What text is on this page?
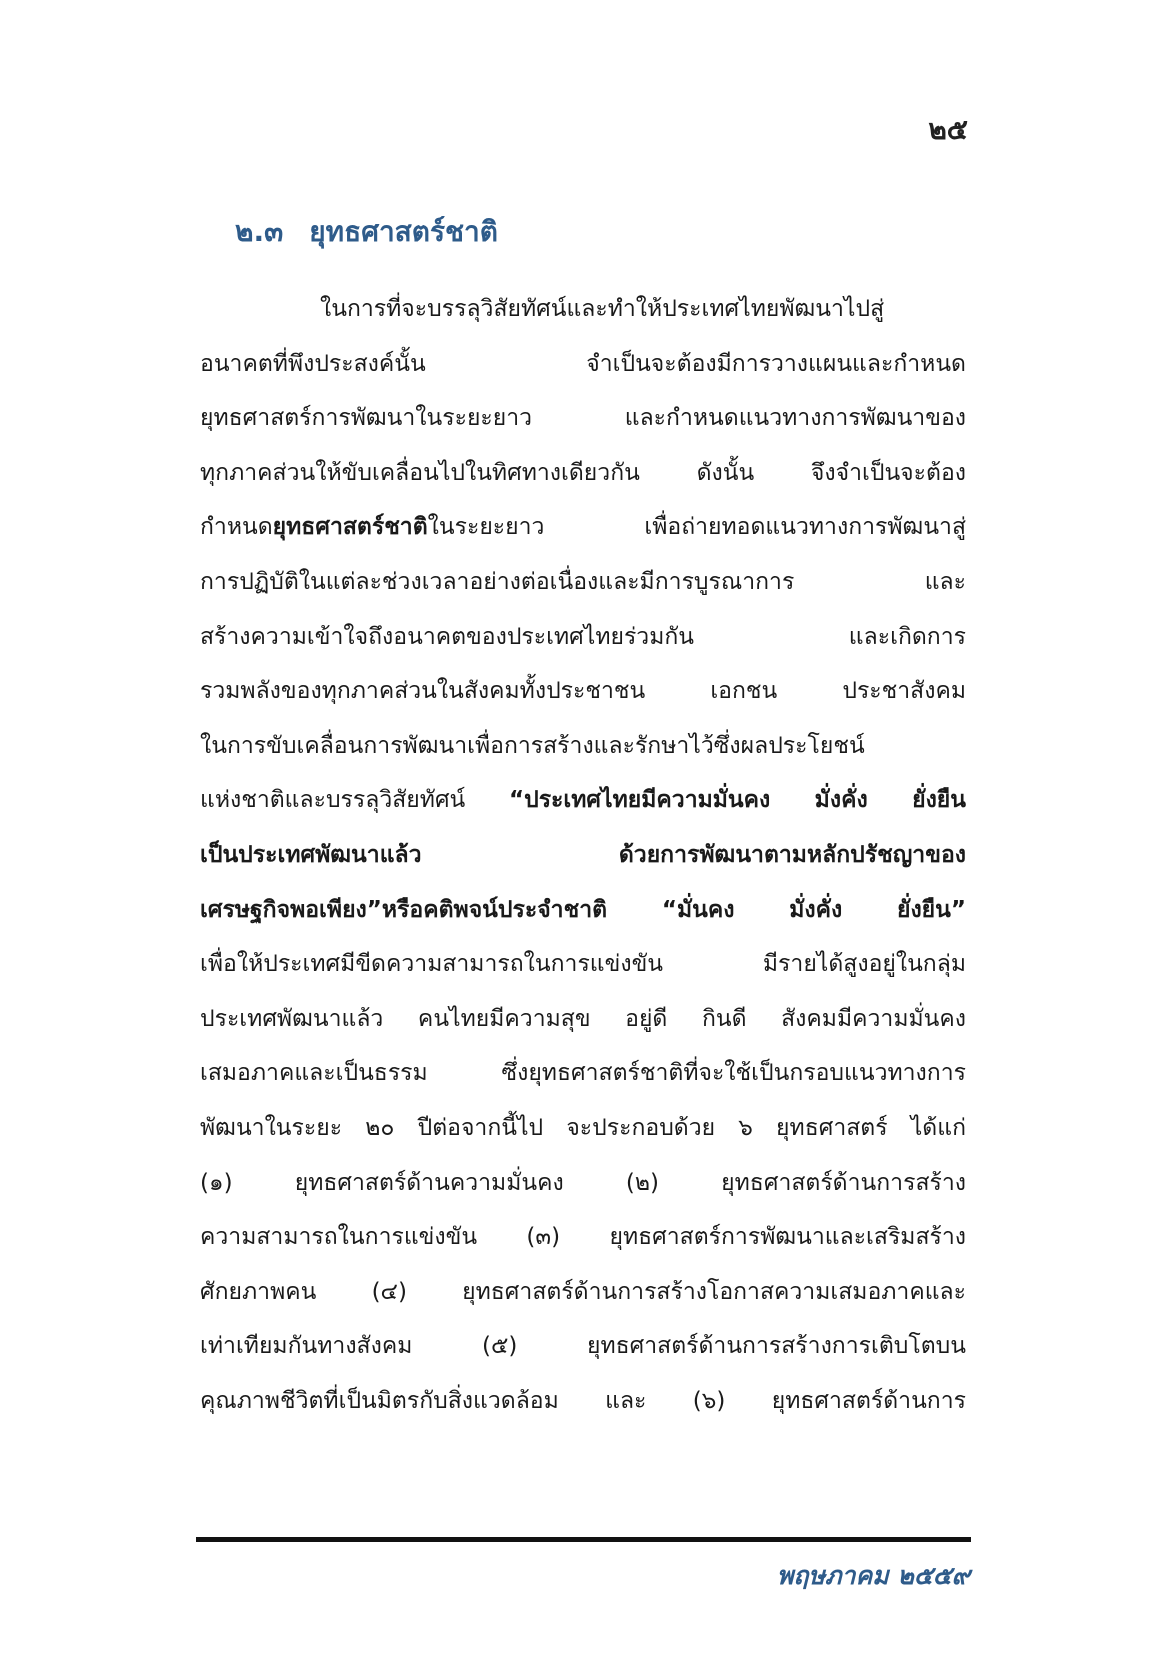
๒๕
๒.๓ ยุทธศาสตร์ชาติ
ในการที่จะบรรลุวิสัยทัศน์และทำให้ประเทศไทยพัฒนาไปสู่
อนาคตที่พึงประสงค์นั้น จำเป็นจะต้องมีการวางแผนและกำหนด
ยุทธศาสตร์การพัฒนาในระยะยาว และกำหนดแนวทางการพัฒนาของ
ทุกภาคส่วนให้ขับเคลื่อนไปในทิศทางเดียวกัน ดังนั้น จึงจำเป็นจะต้อง
กำหนดยุทธศาสตร์ชาติในระยะยาว เพื่อถ่ายทอดแนวทางการพัฒนาสู่
การปฏิบัติในแต่ละช่วงเวลาอย่างต่อเนื่องและมีการบูรณาการ และ
สร้างความเข้าใจถึงอนาคตของประเทศไทยร่วมกัน และเกิดการ
รวมพลังของทุกภาคส่วนในสังคมทั้งประชาชน เอกชน ประชาสังคม
ในการขับเคลื่อนการพัฒนาเพื่อการสร้างและรักษาไว้ซึ่งผลประโยชน์
แห่งชาติและบรรลุวิสัยทัศน์ “ประเทศไทยมีความมั่นคง มั่งคั่ง ยั่งยืน
เป็นประเทศพัฒนาแล้ว ด้วยการพัฒนาตามหลักปรัชญาของ
เศรษฐกิจพอเพียง”หรือคติพจน์ประจำชาติ “มั่นคง มั่งคั่ง ยั่งยืน”
เพื่อให้ประเทศมีขีดความสามารถในการแข่งขัน มีรายได้สูงอยู่ในกลุ่ม
ประเทศพัฒนาแล้ว คนไทยมีความสุข อยู่ดี กินดี สังคมมีความมั่นคง
เสมอภาคและเป็นธรรม ซึ่งยุทธศาสตร์ชาติที่จะใช้เป็นกรอบแนวทางการ
พัฒนาในระยะ ๒๐ ปีต่อจากนี้ไป จะประกอบด้วย ๖ ยุทธศาสตร์ ได้แก่
(๑) ยุทธศาสตร์ด้านความมั่นคง (๒) ยุทธศาสตร์ด้านการสร้าง
ความสามารถในการแข่งขัน (๓) ยุทธศาสตร์การพัฒนาและเสริมสร้าง
ศักยภาพคน (๔) ยุทธศาสตร์ด้านการสร้างโอกาสความเสมอภาคและ
เท่าเทียมกันทางสังคม (๕) ยุทธศาสตร์ด้านการสร้างการเติบโตบน
คุณภาพชีวิตที่เป็นมิตรกับสิ่งแวดล้อม และ (๖) ยุทธศาสตร์ด้านการ
พฤษภาคม ๒๕๕๙
